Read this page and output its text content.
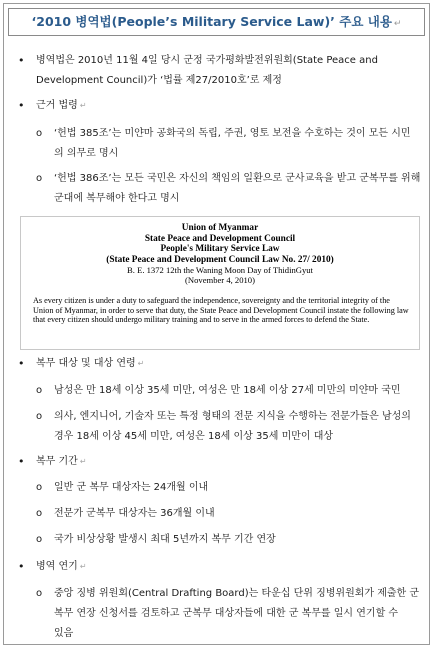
‘2010 병역법(People’s Military Service Law)’ 주요 내용 ↵
• 병역법은 2010년 11월 4일 당시 군정 국가평화발전위원회(State Peace and
Development Council)가 ‘법률 제27/2010호’로 제정
• 근거 법령 ↵
o ‘헌법 385조’는 미얀마 공화국의 독립, 주권, 영토 보전을 수호하는 것이 모든 시민
의 의무로 명시
o ‘헌법 386조’는 모든 국민은 자신의 책임의 일환으로 군사교육을 받고 군복무를 위해
군대에 복무해야 한다고 명시
Union of Myanmar
State Peace and Development Council
People's Military Service Law
(State Peace and Development Council Law No. 27/ 2010)
B. E. 1372 12th the Waning Moon Day of ThidinGyut
(November 4, 2010)
As every citizen is under a duty to safeguard the independence, sovereignty and the territorial integrity of the Union of Myanmar, in order to serve that duty, the State Peace and Development Council instate the following law that every citizen should undergo military training and to serve in the armed forces to defend the State.
• 복무 대상 및 대상 연령 ↵
o 남성은 만 18세 이상 35세 미만, 여성은 만 18세 이상 27세 미만의 미얀마 국민
o 의사, 엔지니어, 기술자 또는 특정 형태의 전문 지식을 수행하는 전문가들은 남성의
경우 18세 이상 45세 미만, 여성은 18세 이상 35세 미만이 대상
• 복무 기간 ↵
o 일반 군 복무 대상자는 24개월 이내
o 전문가 군복무 대상자는 36개월 이내
o 국가 비상상황 발생시 최대 5년까지 복무 기간 연장
• 병역 연기 ↵
o 중앙 징병 위원회(Central Drafting Board)는 타운십 단위 징병위원회가 제출한 군
복무 연장 신청서를 검토하고 군복무 대상자들에 대한 군 복무를 일시 연기할 수
있음
